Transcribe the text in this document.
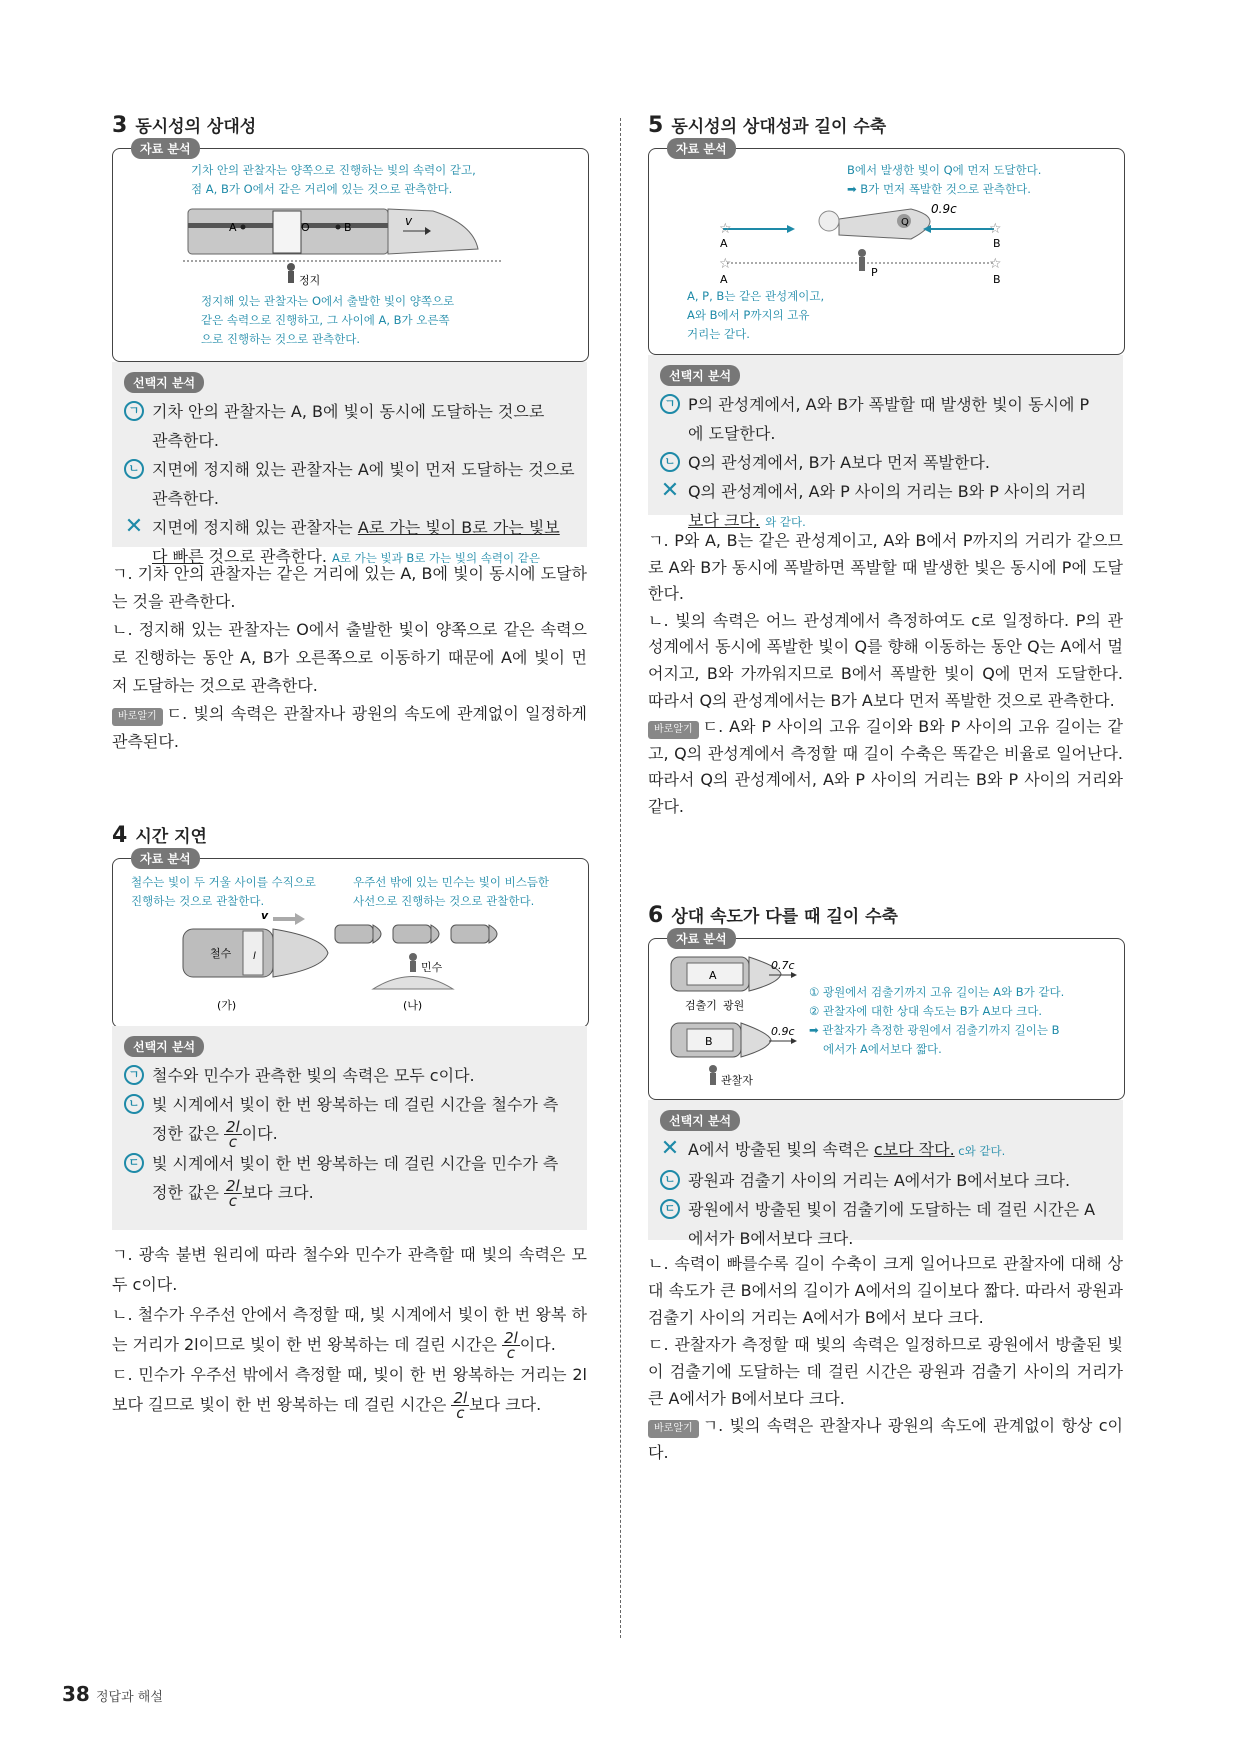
3 동시성의 상대성
자료 분석
기차 안의 관찰자는 양쪽으로 진행하는 빛의 속력이 같고,
점 A, B가 O에서 같은 거리에 있는 것으로 관측한다.
A	O	B	v
정지
정지해 있는 관찰자는 O에서 출발한 빛이 양쪽으로
같은 속력으로 진행하고, 그 사이에 A, B가 오른쪽
으로 진행하는 것으로 관측한다.
선택지 분석
ㄱ 기차 안의 관찰자는 A, B에 빛이 동시에 도달하는 것으로
관측한다.
ㄴ 지면에 정지해 있는 관찰자는 A에 빛이 먼저 도달하는 것으로
관측한다.
✕ 지면에 정지해 있는 관찰자는 A로 가는 빛이 B로 가는 빛보
다 빠른 것으로 관측한다. A로 가는 빛과 B로 가는 빛의 속력이 같은
ㄱ. 기차 안의 관찰자는 같은 거리에 있는 A, B에 빛이 동시에 도달하는 것을 관측한다.
ㄴ. 정지해 있는 관찰자는 O에서 출발한 빛이 양쪽으로 같은 속력으로 진행하는 동안 A, B가 오른쪽으로 이동하기 때문에 A에 빛이 먼저 도달하는 것으로 관측한다.
바로알기 ㄷ. 빛의 속력은 관찰자나 광원의 속도에 관계없이 일정하게 관측된다.
4 시간 지연
자료 분석
철수는 빛이 두 거울 사이를 수직으로
진행하는 것으로 관찰한다.
우주선 밖에 있는 민수는 빛이 비스듬한
사선으로 진행하는 것으로 관찰한다.
v
철수 l
(가)
민수
(나)
선택지 분석
ㄱ 철수와 민수가 관측한 빛의 속력은 모두 c이다.
ㄴ 빛 시계에서 빛이 한 번 왕복하는 데 걸린 시간을 철수가 측
정한 값은 $\frac{2l}{c}$ 이다.
ㄷ 빛 시계에서 빛이 한 번 왕복하는 데 걸린 시간을 민수가 측
정한 값은 $\frac{2l}{c}$ 보다 크다.
ㄱ. 광속 불변 원리에 따라 철수와 민수가 관측할 때 빛의 속력은 모두 c이다.
ㄴ. 철수가 우주선 안에서 측정할 때, 빛 시계에서 빛이 한 번 왕복 하는 거리가 2l이므로 빛이 한 번 왕복하는 데 걸린 시간은 $\frac{2l}{c}$ 이다.
ㄷ. 민수가 우주선 밖에서 측정할 때, 빛이 한 번 왕복하는 거리는 2l보다 길므로 빛이 한 번 왕복하는 데 걸린 시간은 $\frac{2l}{c}$ 보다 크다.
5 동시성의 상대성과 길이 수축
자료 분석
B에서 발생한 빛이 Q에 먼저 도달한다.
➡ B가 먼저 폭발한 것으로 관측한다.
Q
0.9c
☆	☆
A	B
☆	☆
A	B
P
A, P, B는 같은 관성계이고,
A와 B에서 P까지의 고유
거리는 같다.
선택지 분석
ㄱ P의 관성계에서, A와 B가 폭발할 때 발생한 빛이 동시에 P
에 도달한다.
ㄴ Q의 관성계에서, B가 A보다 먼저 폭발한다.
✕ Q의 관성계에서, A와 P 사이의 거리는 B와 P 사이의 거리
보다 크다. 와 같다.
ㄱ. P와 A, B는 같은 관성계이고, A와 B에서 P까지의 거리가 같으므로 A와 B가 동시에 폭발하면 폭발할 때 발생한 빛은 동시에 P에 도달한다.
ㄴ. 빛의 속력은 어느 관성계에서 측정하여도 c로 일정하다. P의 관성계에서 동시에 폭발한 빛이 Q를 향해 이동하는 동안 Q는 A에서 멀어지고, B와 가까워지므로 B에서 폭발한 빛이 Q에 먼저 도달한다. 따라서 Q의 관성계에서는 B가 A보다 먼저 폭발한 것으로 관측한다.
바로알기 ㄷ. A와 P 사이의 고유 길이와 B와 P 사이의 고유 길이는 같고, Q의 관성계에서 측정할 때 길이 수축은 똑같은 비율로 일어난다. 따라서 Q의 관성계에서, A와 P 사이의 거리는 B와 P 사이의 거리와 같다.
6 상대 속도가 다를 때 길이 수축
자료 분석
A
0.7c
검출기 광원
B
0.9c
관찰자
① 광원에서 검출기까지 고유 길이는 A와 B가 같다.
② 관찰자에 대한 상대 속도는 B가 A보다 크다.
➡ 관찰자가 측정한 광원에서 검출기까지 길이는 B
에서가 A에서보다 짧다.
선택지 분석
✕ A에서 방출된 빛의 속력은 c보다 작다. c와 같다.
ㄴ 광원과 검출기 사이의 거리는 A에서가 B에서보다 크다.
ㄷ 광원에서 방출된 빛이 검출기에 도달하는 데 걸린 시간은 A
에서가 B에서보다 크다.
ㄴ. 속력이 빠를수록 길이 수축이 크게 일어나므로 관찰자에 대해 상대 속도가 큰 B에서의 길이가 A에서의 길이보다 짧다. 따라서 광원과 검출기 사이의 거리는 A에서가 B에서 보다 크다.
ㄷ. 관찰자가 측정할 때 빛의 속력은 일정하므로 광원에서 방출된 빛이 검출기에 도달하는 데 걸린 시간은 광원과 검출기 사이의 거리가 큰 A에서가 B에서보다 크다.
바로알기 ㄱ. 빛의 속력은 관찰자나 광원의 속도에 관계없이 항상 c이다.
38 정답과 해설
